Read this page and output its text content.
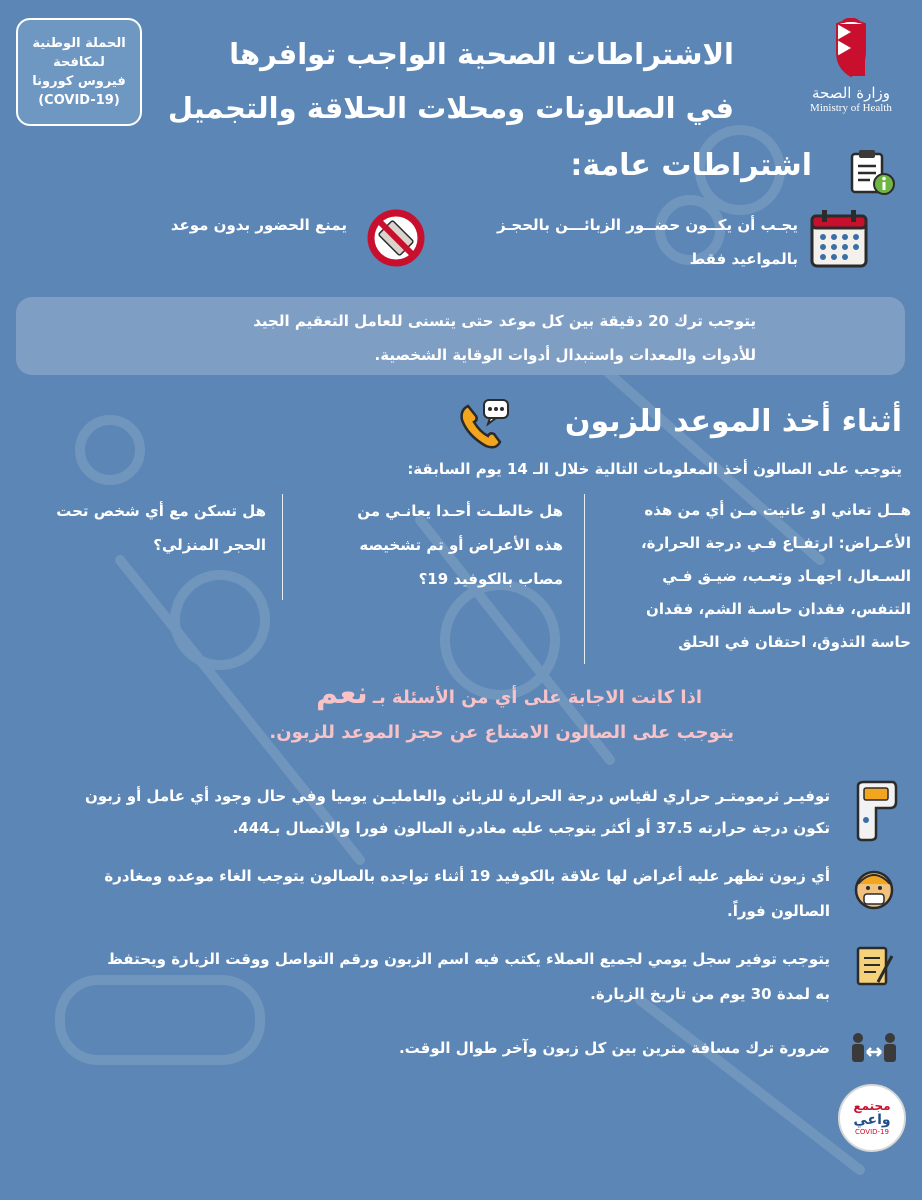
الحملة الوطنية
لمكافحة
فيروس كورونا
(COVID-19)
الاشتراطات الصحية الواجب توافرها
في الصالونات ومحلات الحلاقة والتجميل	وزارة الصحة
Ministry of Health
اشتراطات عامة:
يجـب أن يكــون حضــور الزبائـــن بالحجـز
بالمواعيد فقط
يمنع الحضور بدون موعد
يتوجب ترك 20 دقيقة بين كل موعد حتى يتسنى للعامل التعقيم الجيد
للأدوات والمعدات واستبدال أدوات الوقاية الشخصية.
أثناء أخذ الموعد للزبون
يتوجب على الصالون أخذ المعلومات التالية خلال الـ 14 يوم السابقة:
هــل تعاني او عانيت مـن أي من هذه
الأعـراض: ارتفـاع فـي درجة الحرارة،
السـعال، اجهـاد وتعـب، ضيـق فـي
التنفس، فقدان حاسـة الشم، فقدان
حاسة التذوق، احتقان في الحلق
هل خالطـت أحـدا يعانـي من
هذه الأعراض أو تم تشخيصه
مصاب بالكوفيد 19؟
هل تسكن مع أي شخص تحت
الحجر المنزلي؟
اذا كانت الاجابة على أي من الأسئلة بـ نعم
يتوجب على الصالون الامتناع عن حجز الموعد للزبون.
توفيـر ثرمومتـر حراري لقياس درجة الحرارة للزبائن والعامليـن يوميا وفي حال وجود أي عامل أو زبون
تكون درجة حرارته 37.5 أو أكثر يتوجب عليه مغادرة الصالون فورا والاتصال بـ444.
أي زبون تظهر عليه أعراض لها علاقة بالكوفيد 19 أثناء تواجده بالصالون يتوجب الغاء موعده ومغادرة
الصالون فوراً.
يتوجب توفير سجل يومي لجميع العملاء يكتب فيه اسم الزبون ورقم التواصل ووقت الزيارة ويحتفظ
به لمدة 30 يوم من تاريخ الزيارة.
ضرورة ترك مسافة مترين بين كل زبون وآخر طوال الوقت.
مجتمع
واعي
COVID-19
